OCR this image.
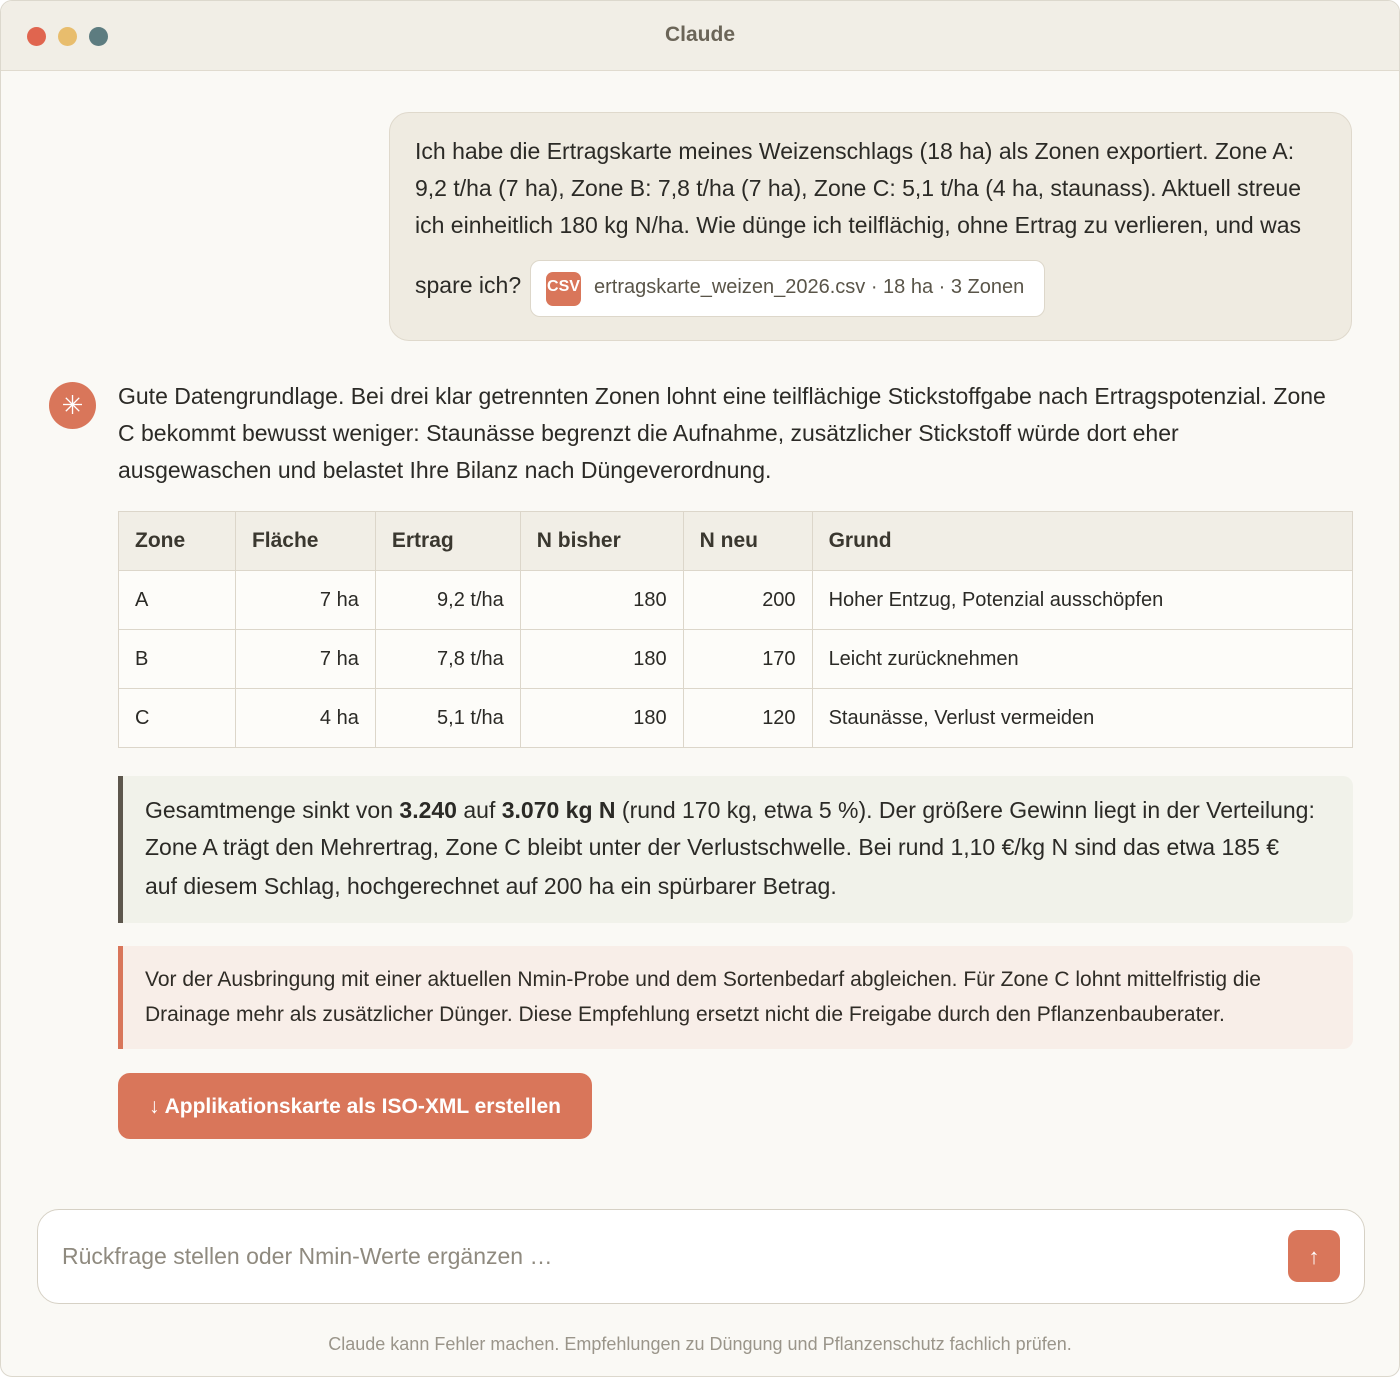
Claude
Ich habe die Ertragskarte meines Weizenschlags (18 ha) als Zonen exportiert. Zone A:
9,2 t/ha (7 ha), Zone B: 7,8 t/ha (7 ha), Zone C: 5,1 t/ha (4 ha, staunass). Aktuell streue
ich einheitlich 180 kg N/ha. Wie dünge ich teilflächig, ohne Ertrag zu verlieren, und was
spare ich? CSV ertragskarte_weizen_2026.csv · 18 ha · 3 Zonen
✳	Gute Datengrundlage. Bei drei klar getrennten Zonen lohnt eine teilflächige Stickstoffgabe nach Ertragspotenzial. Zone
C bekommt bewusst weniger: Staunässe begrenzt die Aufnahme, zusätzlicher Stickstoff würde dort eher
ausgewaschen und belastet Ihre Bilanz nach Düngeverordnung.
Zone	Fläche	Ertrag	N bisher	N neu	Grund
A	7 ha	9,2 t/ha	180	200	Hoher Entzug, Potenzial ausschöpfen
B	7 ha	7,8 t/ha	180	170	Leicht zurücknehmen
C	4 ha	5,1 t/ha	180	120	Staunässe, Verlust vermeiden
Gesamtmenge sinkt von 3.240 auf 3.070 kg N (rund 170 kg, etwa 5 %). Der größere Gewinn liegt in der Verteilung:
Zone A trägt den Mehrertrag, Zone C bleibt unter der Verlustschwelle. Bei rund 1,10 €/kg N sind das etwa 185 €
auf diesem Schlag, hochgerechnet auf 200 ha ein spürbarer Betrag.
Vor der Ausbringung mit einer aktuellen Nmin-Probe und dem Sortenbedarf abgleichen. Für Zone C lohnt mittelfristig die
Drainage mehr als zusätzlicher Dünger. Diese Empfehlung ersetzt nicht die Freigabe durch den Pflanzenbauberater.
↓ Applikationskarte als ISO-XML erstellen
Rückfrage stellen oder Nmin-Werte ergänzen …
↑
Claude kann Fehler machen. Empfehlungen zu Düngung und Pflanzenschutz fachlich prüfen.
